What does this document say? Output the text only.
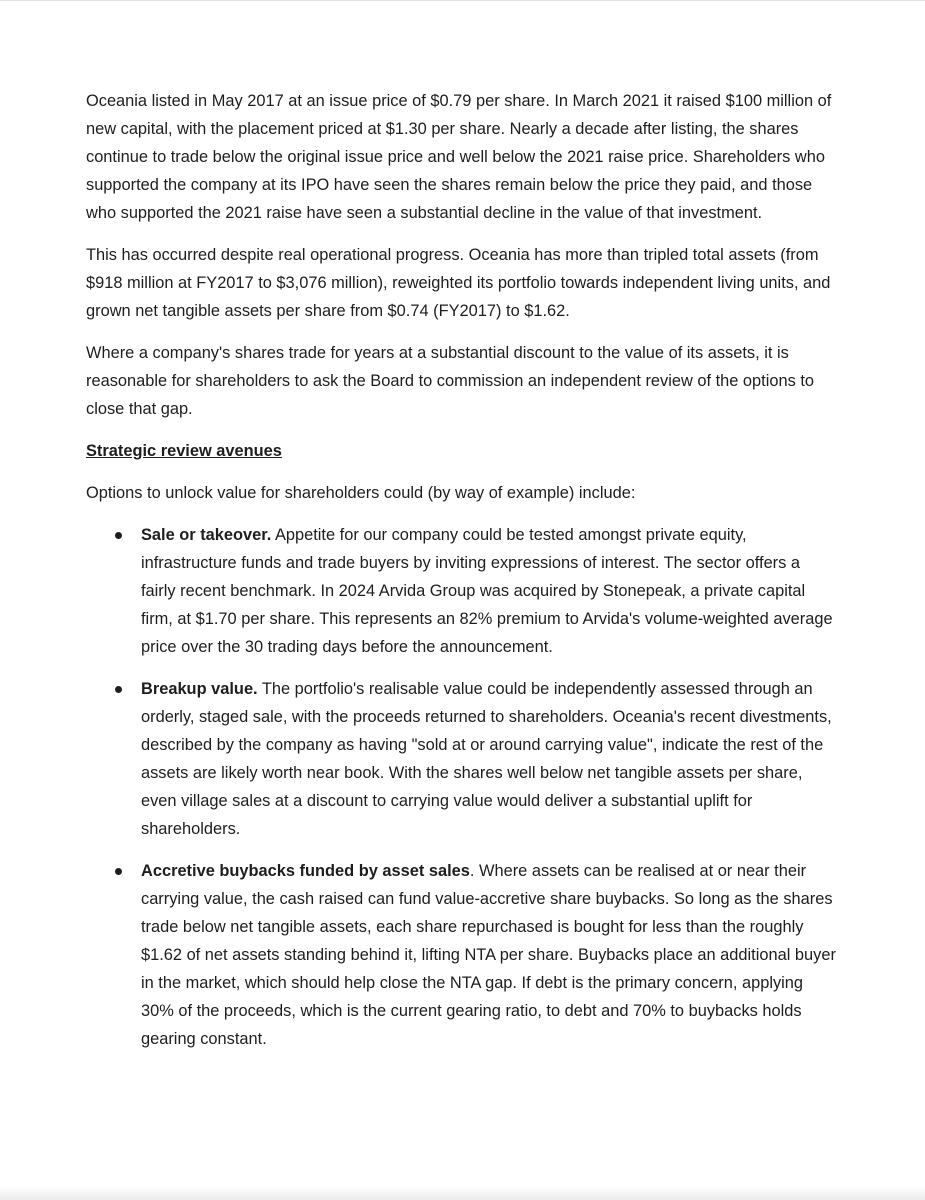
Oceania listed in May 2017 at an issue price of $0.79 per share. In March 2021 it raised $100 million of new capital, with the placement priced at $1.30 per share. Nearly a decade after listing, the shares continue to trade below the original issue price and well below the 2021 raise price. Shareholders who supported the company at its IPO have seen the shares remain below the price they paid, and those who supported the 2021 raise have seen a substantial decline in the value of that investment.

This has occurred despite real operational progress. Oceania has more than tripled total assets (from $918 million at FY2017 to $3,076 million), reweighted its portfolio towards independent living units, and grown net tangible assets per share from $0.74 (FY2017) to $1.62.

Where a company's shares trade for years at a substantial discount to the value of its assets, it is reasonable for shareholders to ask the Board to commission an independent review of the options to close that gap.

Strategic review avenues

Options to unlock value for shareholders could (by way of example) include:

Sale or takeover. Appetite for our company could be tested amongst private equity, infrastructure funds and trade buyers by inviting expressions of interest. The sector offers a fairly recent benchmark. In 2024 Arvida Group was acquired by Stonepeak, a private capital firm, at $1.70 per share. This represents an 82% premium to Arvida's volume-weighted average price over the 30 trading days before the announcement.
Breakup value. The portfolio's realisable value could be independently assessed through an orderly, staged sale, with the proceeds returned to shareholders. Oceania's recent divestments, described by the company as having "sold at or around carrying value", indicate the rest of the assets are likely worth near book. With the shares well below net tangible assets per share, even village sales at a discount to carrying value would deliver a substantial uplift for shareholders.
Accretive buybacks funded by asset sales. Where assets can be realised at or near their carrying value, the cash raised can fund value-accretive share buybacks. So long as the shares trade below net tangible assets, each share repurchased is bought for less than the roughly $1.62 of net assets standing behind it, lifting NTA per share. Buybacks place an additional buyer in the market, which should help close the NTA gap. If debt is the primary concern, applying 30% of the proceeds, which is the current gearing ratio, to debt and 70% to buybacks holds gearing constant.
